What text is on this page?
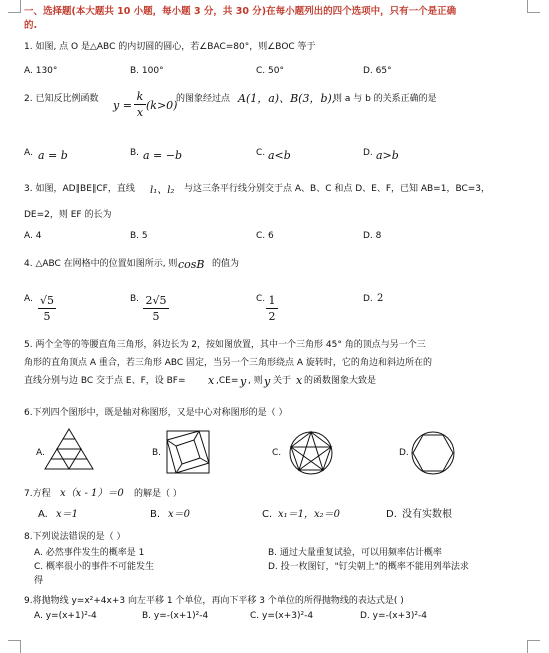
一、选择题(本大题共 10 小题，每小题 3 分，共 30 分)在每小题列出的四个选项中，只有一个是正确
的.
1. 如图, 点 O 是△ABC 的内切圆的圆心，若∠BAC=80°，则∠BOC 等于
A. 130°	B. 100°	C. 50°	D. 65°
2. 已知反比例函数 y =
k
x
(k>0)
的图象经过点 A(1，a)、B(3，b),
则 a 与 b 的关系正确的是
A. a = b	B. a = −b	C. a<b	D. a>b
3. 如图，AD∥BE∥CF，直线 l₁、l₂ 与这三条平行线分别交于点 A、B、C 和点 D、E、F，已知 AB=1，BC=3，
DE=2，则 EF 的长为
A. 4	B. 5	C. 6	D. 8
4. △ABC 在网格中的位置如图所示, 则 cosB 的值为
A. √5
5
B. 2√5
5
C. 1
2
D. 2
5. 两个全等的等腰直角三角形，斜边长为 2，按如图放置，其中一个三角形 45° 角的顶点与另一个三
角形的直角顶点 A 重合，若三角形 ABC 固定，当另一个三角形绕点 A 旋转时，它的角边和斜边所在的
直线分别与边 BC 交于点 E、F，设 BF= x ,CE= y , 则 y 关于 x 的函数图象大致是
6.下列四个图形中，既是轴对称图形，又是中心对称图形的是（ ）
A.	B.	C.	D.
7.方程 x（x - 1）＝0 的解是（ ）
A. x＝1	B. x＝0	C. x₁＝1，x₂＝0	D. 没有实数根
8.下列说法错误的是（ ）
A. 必然事件发生的概率是 1	B. 通过大量重复试验，可以用频率估计概率
C. 概率很小的事件不可能发生	D. 投一枚图钉，"钉尖朝上"的概率不能用列举法求
得
9.将抛物线 y=x²+4x+3 向左平移 1 个单位，再向下平移 3 个单位的所得抛物线的表达式是( )
A. y=(x+1)²-4	B. y=-(x+1)²-4	C. y=(x+3)²-4	D. y=-(x+3)²-4
